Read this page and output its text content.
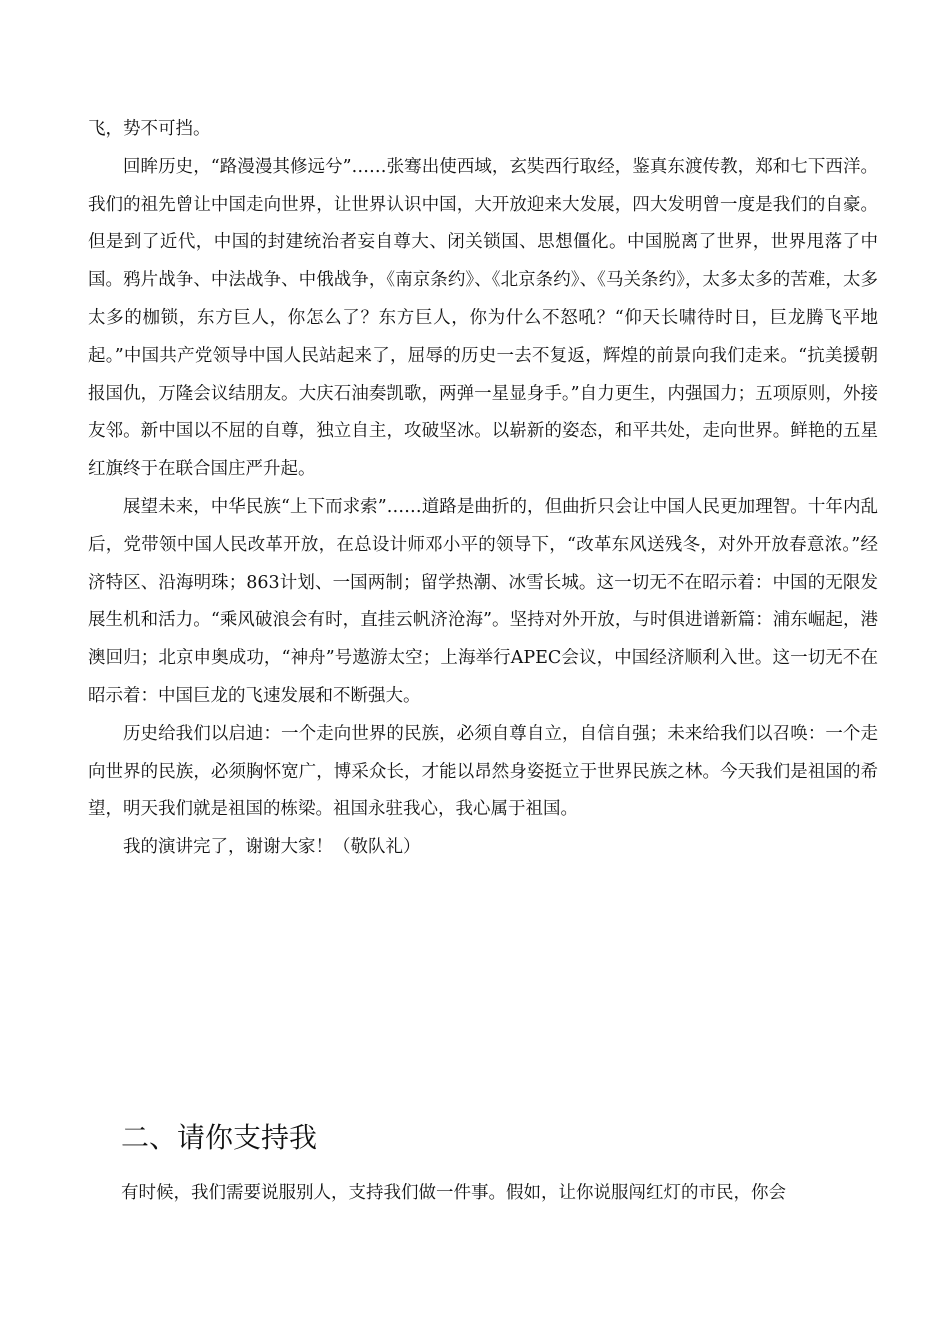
飞，势不可挡。

回眸历史，“路漫漫其修远兮”……张骞出使西域，玄奘西行取经，鉴真东渡传教，郑和七下西洋。我们的祖先曾让中国走向世界，让世界认识中国，大开放迎来大发展，四大发明曾一度是我们的自豪。但是到了近代，中国的封建统治者妄自尊大、闭关锁国、思想僵化。中国脱离了世界，世界甩落了中国。鸦片战争、中法战争、中俄战争，《南京条约》、《北京条约》、《马关条约》，太多太多的苦难，太多太多的枷锁，东方巨人，你怎么了？东方巨人，你为什么不怒吼？“仰天长啸待时日，巨龙腾飞平地起。”中国共产党领导中国人民站起来了，屈辱的历史一去不复返，辉煌的前景向我们走来。“抗美援朝报国仇，万隆会议结朋友。大庆石油奏凯歌，两弹一星显身手。”自力更生，内强国力；五项原则，外接友邻。新中国以不屈的自尊，独立自主，攻破坚冰。以崭新的姿态，和平共处，走向世界。鲜艳的五星红旗终于在联合国庄严升起。

展望未来，中华民族“上下而求索”……道路是曲折的，但曲折只会让中国人民更加理智。十年内乱后，党带领中国人民改革开放，在总设计师邓小平的领导下，“改革东风送残冬，对外开放春意浓。”经济特区、沿海明珠；863计划、一国两制；留学热潮、冰雪长城。这一切无不在昭示着：中国的无限发展生机和活力。“乘风破浪会有时，直挂云帆济沧海”。坚持对外开放，与时俱进谱新篇：浦东崛起，港澳回归；北京申奥成功，“神舟”号遨游太空；上海举行APEC会议，中国经济顺利入世。这一切无不在昭示着：中国巨龙的飞速发展和不断强大。

历史给我们以启迪：一个走向世界的民族，必须自尊自立，自信自强；未来给我们以召唤：一个走向世界的民族，必须胸怀宽广，博采众长，才能以昂然身姿挺立于世界民族之林。今天我们是祖国的希望，明天我们就是祖国的栋梁。祖国永驻我心，我心属于祖国。

我的演讲完了，谢谢大家！（敬队礼）

二、请你支持我

有时候，我们需要说服别人，支持我们做一件事。假如，让你说服闯红灯的市民，你会
